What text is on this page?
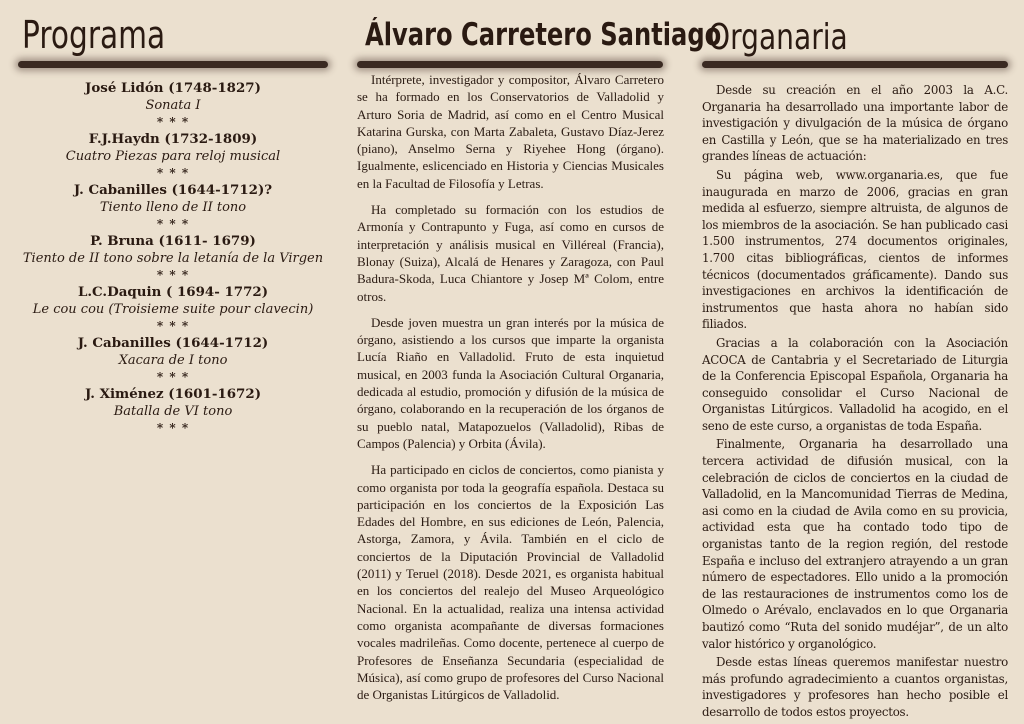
Programa
José Lidón (1748-1827)
Sonata I
* * *
F.J.Haydn (1732-1809)
Cuatro Piezas para reloj musical
* * *
J. Cabanilles (1644-1712)?
Tiento lleno de II tono
* * *
P. Bruna (1611- 1679)
Tiento de II tono sobre la letanía de la Virgen
* * *
L.C.Daquin ( 1694- 1772)
Le cou cou (Troisieme suite pour clavecin)
* * *
J. Cabanilles (1644-1712)
Xacara de I tono
* * *
J. Ximénez (1601-1672)
Batalla de VI tono
* * *
Álvaro Carretero Santiago

Intérprete, investigador y compositor, Álvaro Carretero se ha formado en los Conservatorios de Valladolid y Arturo Soria de Madrid, así como en el Centro Musical Katarina Gurska, con Marta Zabaleta, Gustavo Díaz-Jerez (piano), Anselmo Serna y Riyehee Hong (órgano). Igualmente, eslicenciado en Historia y Ciencias Musicales en la Facultad de Filosofía y Letras.

Ha completado su formación con los estudios de Armonía y Contrapunto y Fuga, así como en cursos de interpretación y análisis musical en Villéreal (Francia), Blonay (Suiza), Alcalá de Henares y Zaragoza, con Paul Badura-Skoda, Luca Chiantore y Josep Mª Colom, entre otros.

Desde joven muestra un gran interés por la música de órgano, asistiendo a los cursos que imparte la organista Lucía Riaño en Valladolid. Fruto de esta inquietud musical, en 2003 funda la Asociación Cultural Organaria, dedicada al estudio, promoción y difusión de la música de órgano, colaborando en la recuperación de los órganos de su pueblo natal, Matapozuelos (Valladolid), Ribas de Campos (Palencia) y Orbita (Ávila).

Ha participado en ciclos de conciertos, como pianista y como organista por toda la geografía española. Destaca su participación en los conciertos de la Exposición Las Edades del Hombre, en sus ediciones de León, Palencia, Astorga, Zamora, y Ávila. También en el ciclo de conciertos de la Diputación Provincial de Valladolid (2011) y Teruel (2018). Desde 2021, es organista habitual en los conciertos del realejo del Museo Arqueológico Nacional. En la actualidad, realiza una intensa actividad como organista acompañante de diversas formaciones vocales madrileñas. Como docente, pertenece al cuerpo de Profesores de Enseñanza Secundaria (especialidad de Música), así como grupo de profesores del Curso Nacional de Organistas Litúrgicos de Valladolid.

Organaria

Desde su creación en el año 2003 la A.C. Organaria ha desarrollado una importante labor de investigación y divulgación de la música de órgano en Castilla y León, que se ha materializado en tres grandes líneas de actuación:

Su página web, www.organaria.es, que fue inaugurada en marzo de 2006, gracias en gran medida al esfuerzo, siempre altruista, de algunos de los miembros de la asociación. Se han publicado casi 1.500 instrumentos, 274 documentos originales, 1.700 citas bibliográficas, cientos de informes técnicos (documentados gráficamente). Dando sus investigaciones en archivos la identificación de instrumentos que hasta ahora no habían sido filiados.

Gracias a la colaboración con la Asociación ACOCA de Cantabria y el Secretariado de Liturgia de la Conferencia Episcopal Española, Organaria ha conseguido consolidar el Curso Nacional de Organistas Litúrgicos. Valladolid ha acogido, en el seno de este curso, a organistas de toda España.

Finalmente, Organaria ha desarrollado una tercera actividad de difusión musical, con la celebración de ciclos de conciertos en la ciudad de Valladolid, en la Mancomunidad Tierras de Medina, asi como en la ciudad de Avila como en su provicia, actividad esta que ha contado todo tipo de organistas tanto de la region región, del restode España e incluso del extranjero atrayendo a un gran número de espectadores. Ello unido a la promoción de las restauraciones de instrumentos como los de Olmedo o Arévalo, enclavados en lo que Organaria bautizó como “Ruta del sonido mudéjar”, de un alto valor histórico y organológico.

Desde estas líneas queremos manifestar nuestro más profundo agradecimiento a cuantos organistas, investigadores y profesores han hecho posible el desarrollo de todos estos proyectos.
